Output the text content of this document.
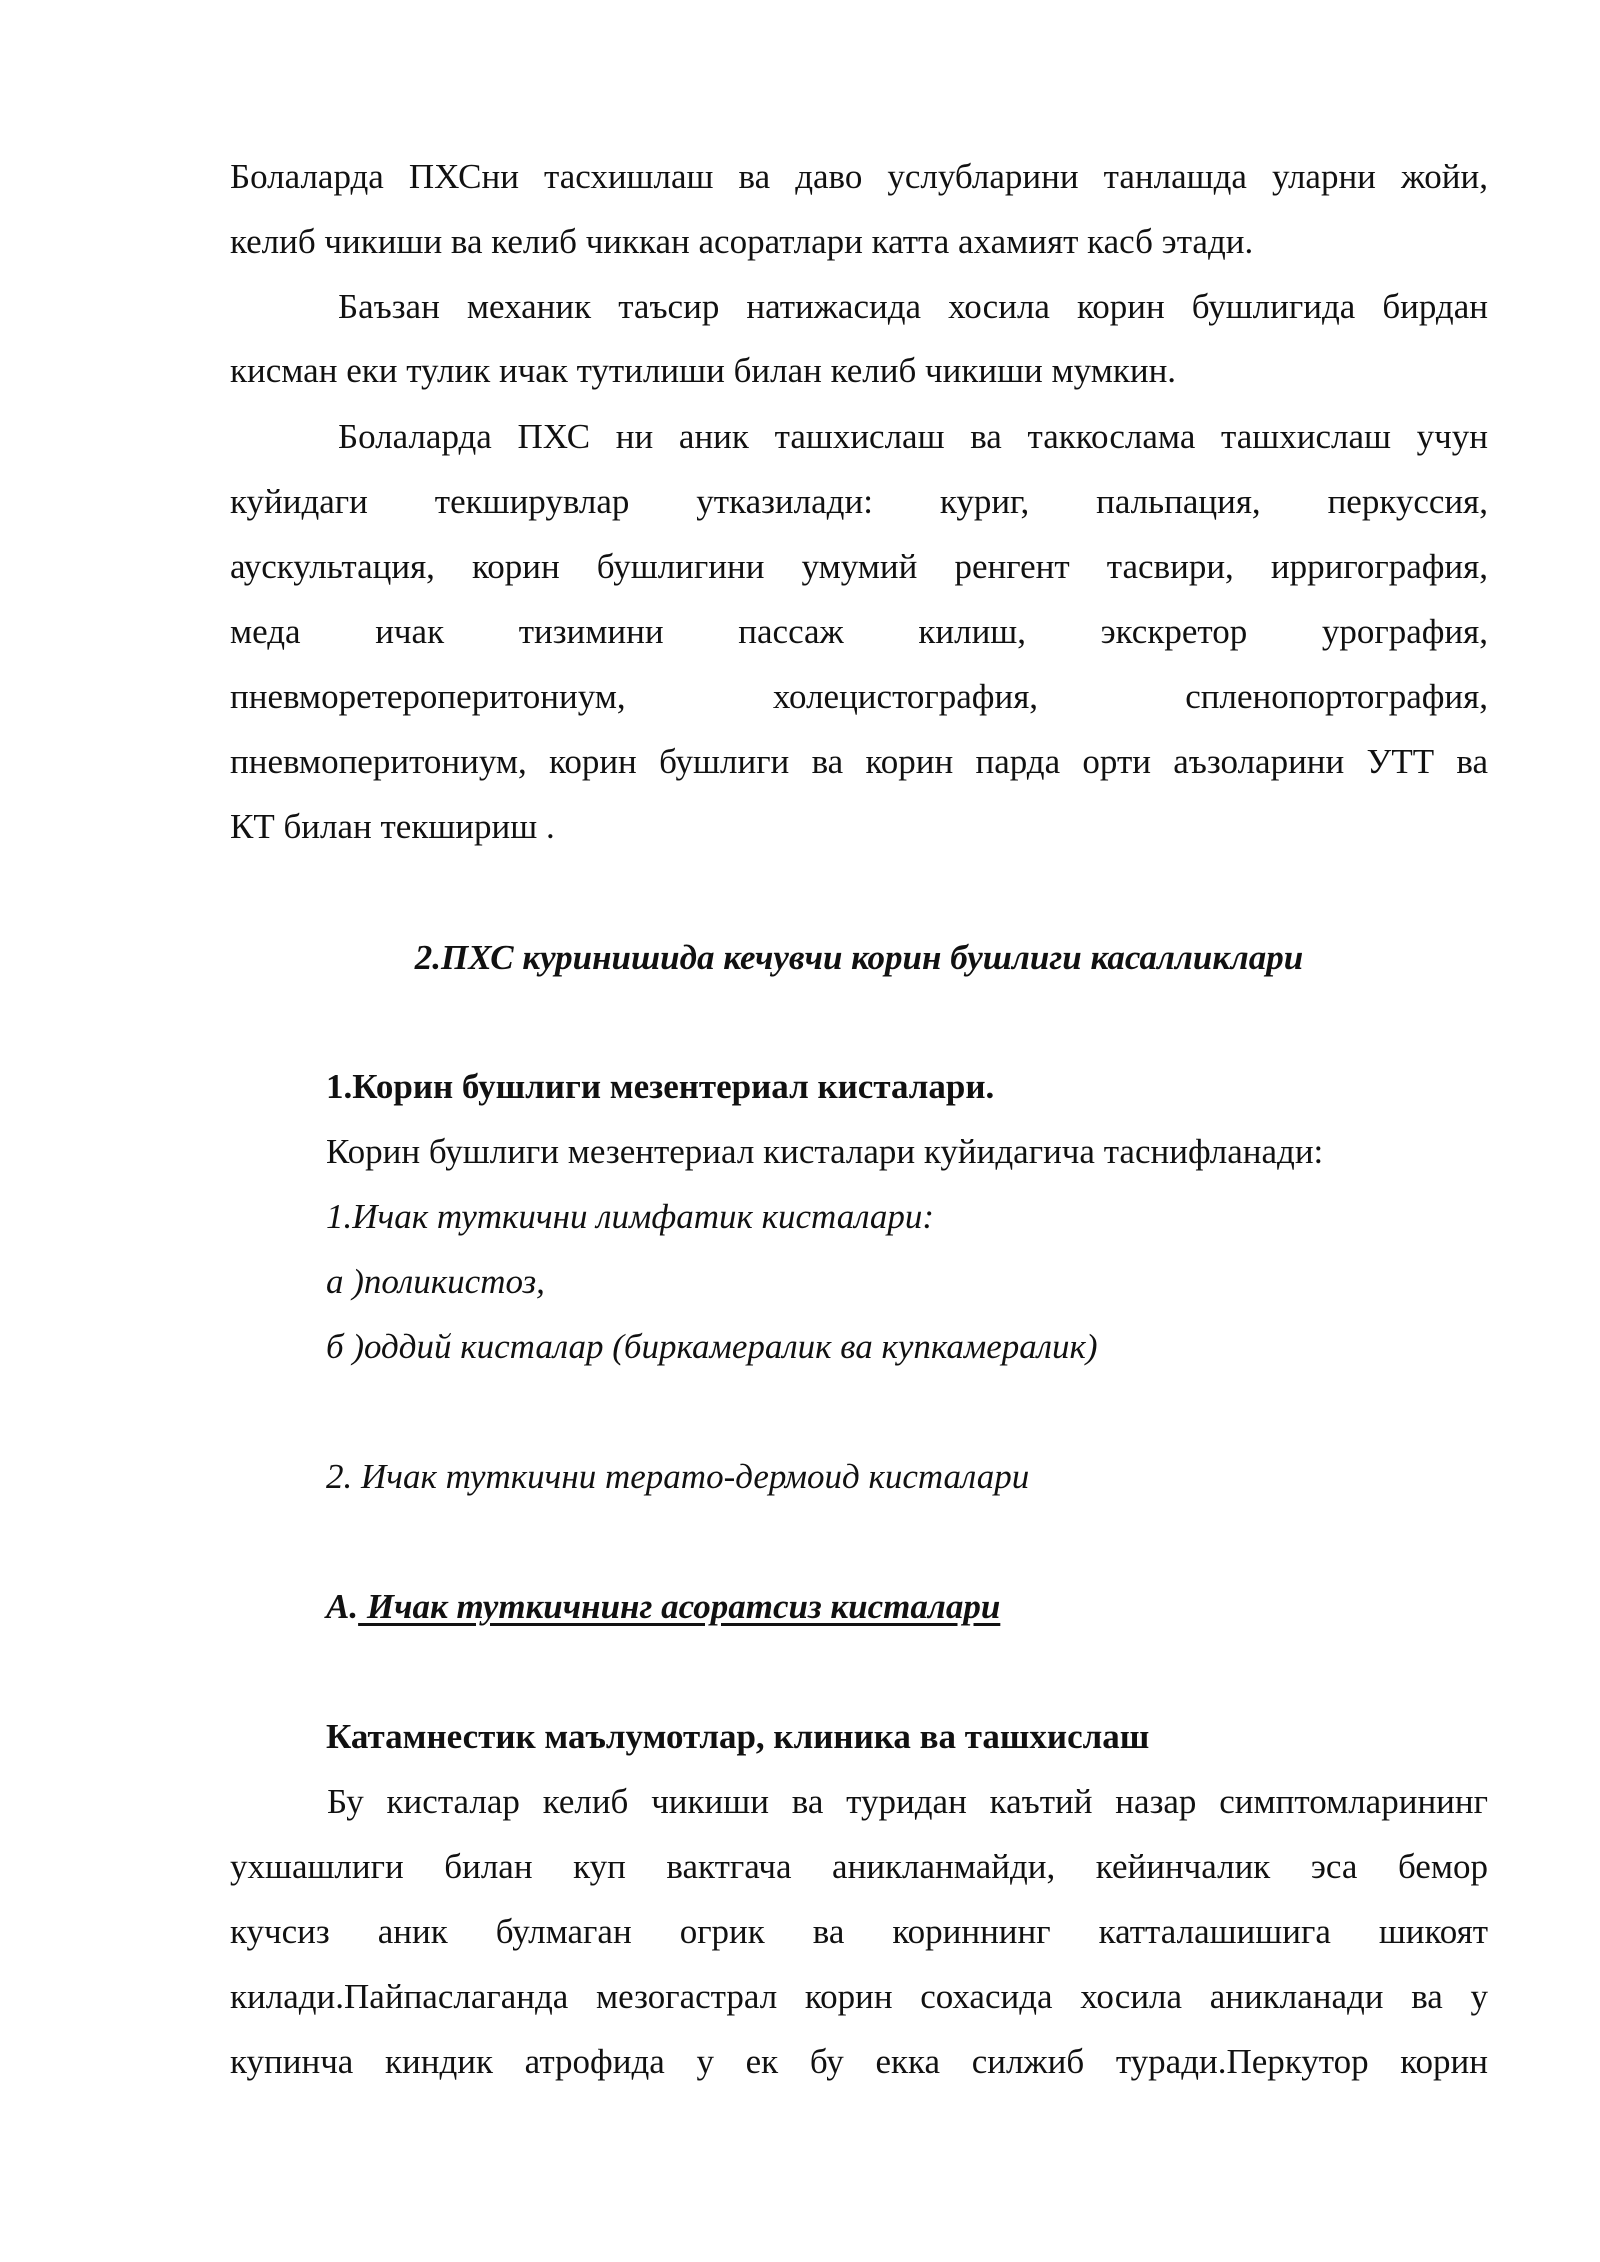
Болаларда ПХСни тасхишлаш ва даво услубларини танлашда уларни жойи,
келиб чикиши ва келиб чиккан асоратлари катта ахамият касб этади.
Баъзан механик таъсир натижасида хосила корин бушлигида бирдан
кисман еки тулик ичак тутилиши билан келиб чикиши мумкин.
Болаларда ПХС ни аник ташхислаш ва таккослама ташхислаш учун
куйидаги текширувлар утказилади: куриг, пальпация, перкуссия,
аускультация, корин бушлигини умумий ренгент тасвири, ирригография,
меда ичак тизимини пассаж килиш, экскретор урография,
пневморетероперитониум, холецистография, спленопортография,
пневмоперитониум, корин бушлиги ва корин парда орти аъзоларини УТТ ва
КТ билан текшириш .
2.ПХС куринишида кечувчи корин бушлиги касалликлари
1.Корин бушлиги мезентериал кисталари.
Корин бушлиги мезентериал кисталари куйидагича таснифланади:
1.Ичак туткични лимфатик кисталари:
а )поликистоз,
б )оддий кисталар (биркамералик ва купкамералик)
2. Ичак туткични терато-дермоид кисталари
А. Ичак туткичнинг асоратсиз кисталари
Катамнестик маълумотлар, клиника ва ташхислаш
Бу кисталар келиб чикиши ва туридан каътий назар симптомларининг
ухшашлиги билан куп вактгача аникланмайди, кейинчалик эса бемор
кучсиз аник булмаган огрик ва кориннинг катталашишига шикоят
килади.Пайпаслаганда мезогастрал корин сохасида хосила аникланади ва у
купинча киндик атрофида у ек бу екка силжиб туради.Перкутор корин
